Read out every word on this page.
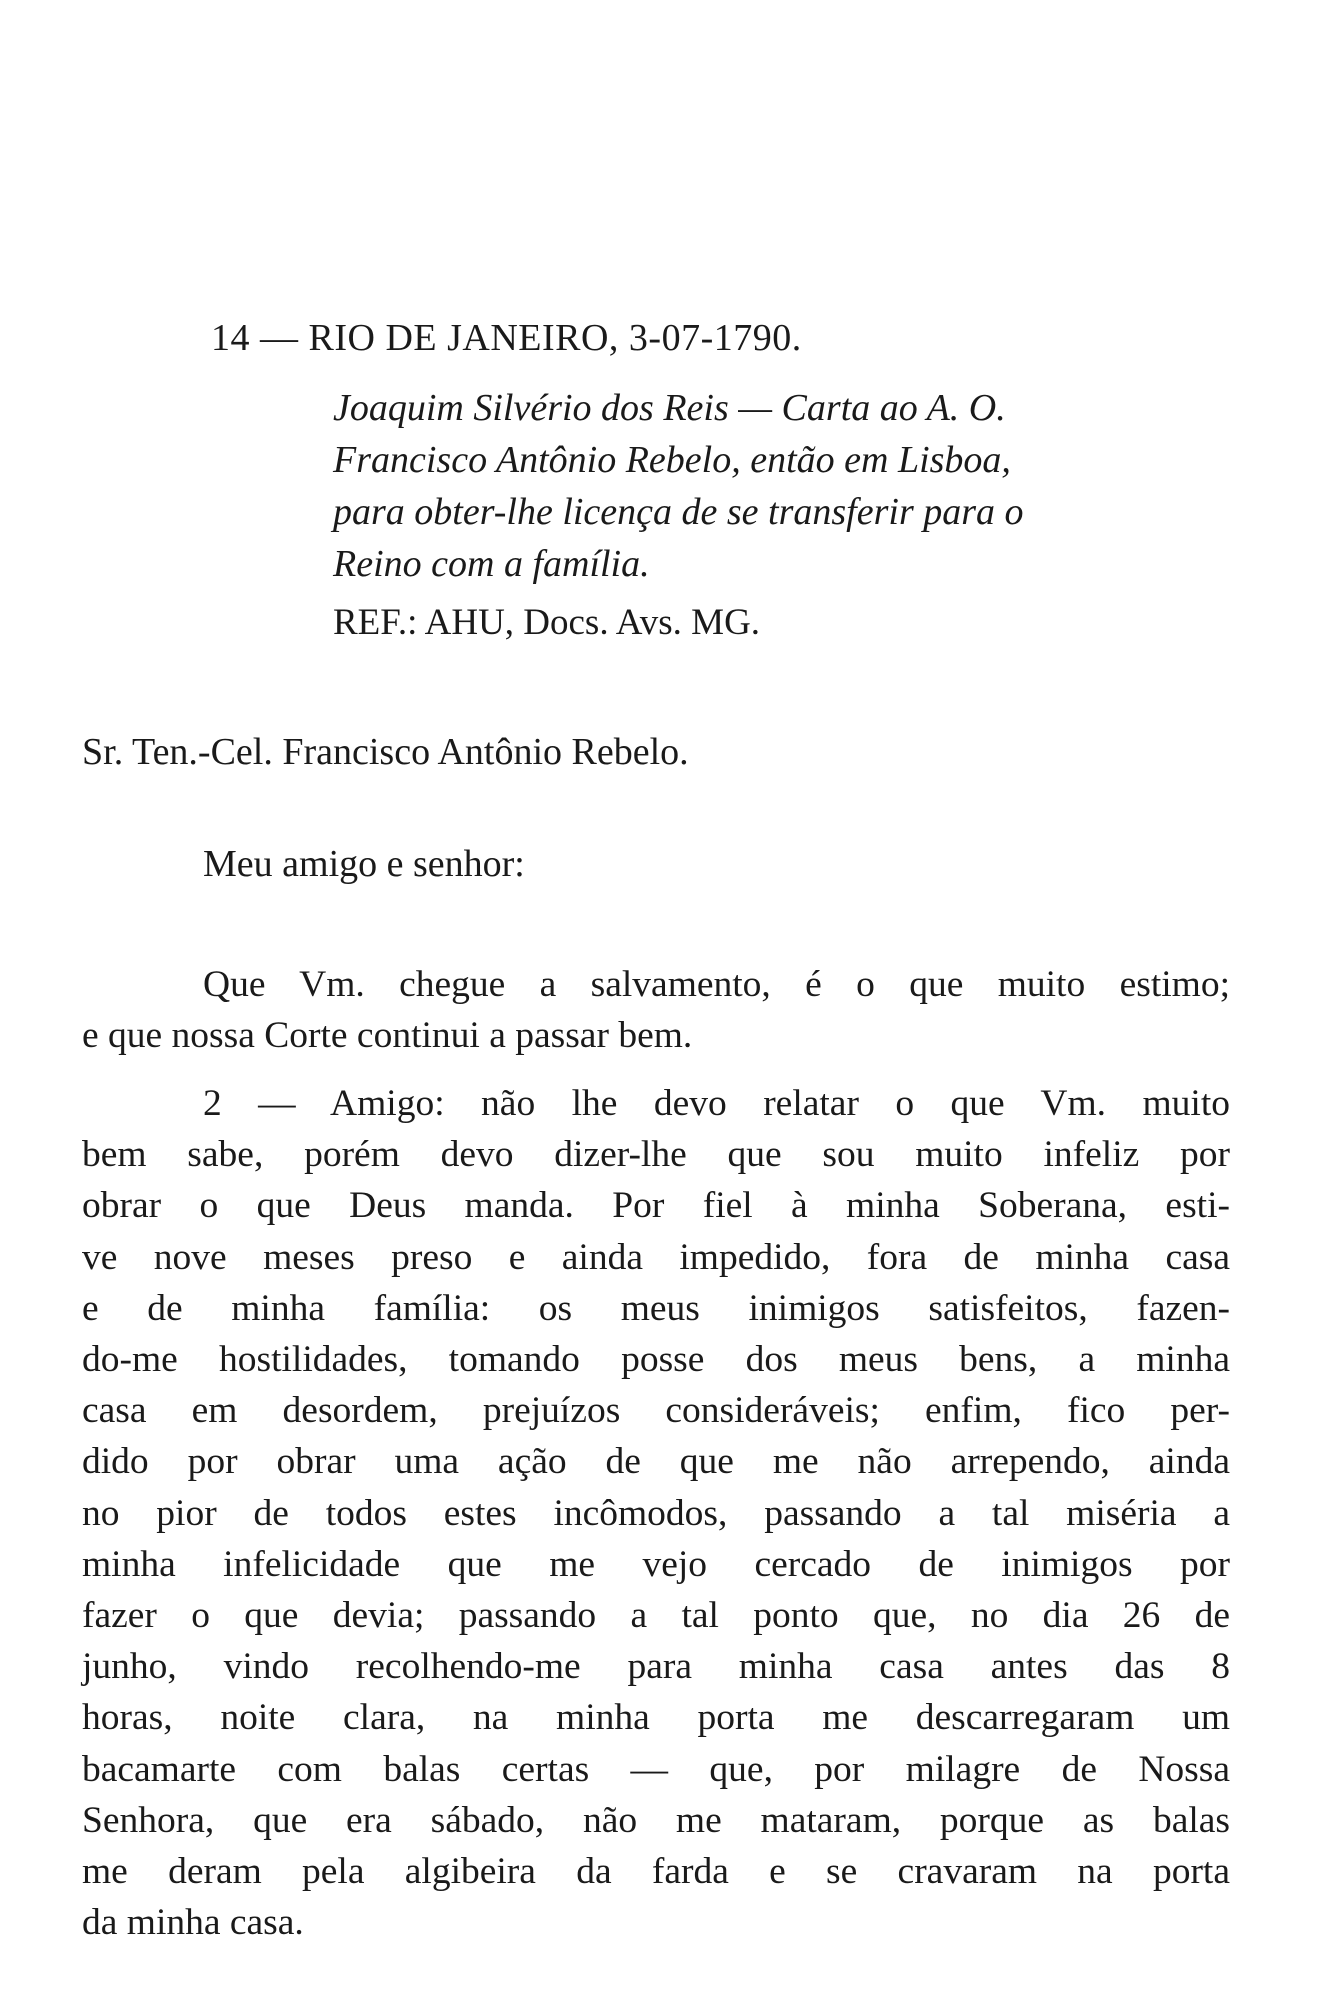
14 — RIO DE JANEIRO, 3-07-1790.
Joaquim Silvério dos Reis — Carta ao A. O.
Francisco Antônio Rebelo, então em Lisboa,
para obter-lhe licença de se transferir para o
Reino com a família.
REF.: AHU, Docs. Avs. MG.
Sr. Ten.-Cel. Francisco Antônio Rebelo.
Meu amigo e senhor:
Que Vm. chegue a salvamento, é o que muito estimo;
e que nossa Corte continui a passar bem.
2 — Amigo: não lhe devo relatar o que Vm. muito
bem sabe, porém devo dizer-lhe que sou muito infeliz por
obrar o que Deus manda. Por fiel à minha Soberana, esti-
ve nove meses preso e ainda impedido, fora de minha casa
e de minha família: os meus inimigos satisfeitos, fazen-
do-me hostilidades, tomando posse dos meus bens, a minha
casa em desordem, prejuízos consideráveis; enfim, fico per-
dido por obrar uma ação de que me não arrependo, ainda
no pior de todos estes incômodos, passando a tal miséria a
minha infelicidade que me vejo cercado de inimigos por
fazer o que devia; passando a tal ponto que, no dia 26 de
junho, vindo recolhendo-me para minha casa antes das 8
horas, noite clara, na minha porta me descarregaram um
bacamarte com balas certas — que, por milagre de Nossa
Senhora, que era sábado, não me mataram, porque as balas
me deram pela algibeira da farda e se cravaram na porta
da minha casa.
